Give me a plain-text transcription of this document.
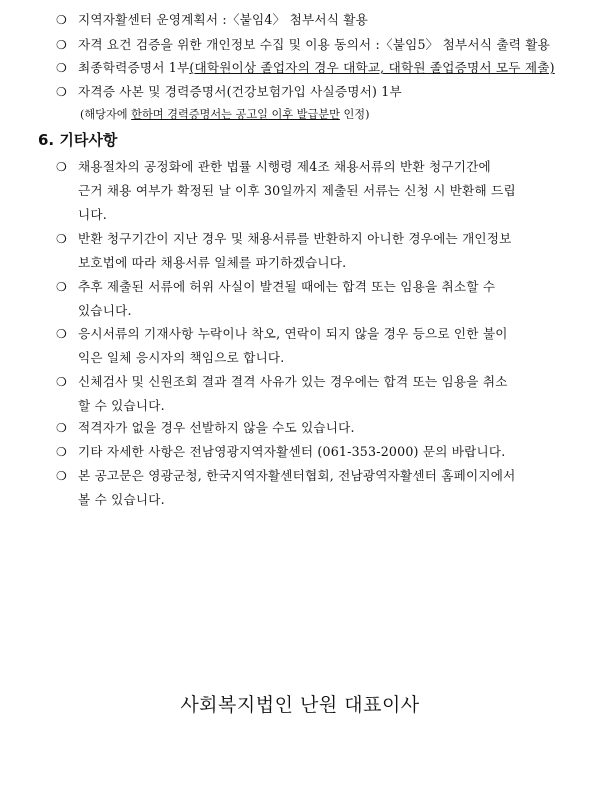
❍ 지역자활센터 운영계획서 :〈붙임4〉 첨부서식 활용
❍ 자격 요건 검증을 위한 개인정보 수집 및 이용 동의서 :〈붙임5〉 첨부서식 출력 활용
❍ 최종학력증명서 1부(대학원이상 졸업자의 경우 대학교, 대학원 졸업증명서 모두 제출)
❍ 자격증 사본 및 경력증명서(건강보험가입 사실증명서) 1부
(해당자에 한하며 경력증명서는 공고일 이후 발급분만 인정)
6. 기타사항
❍ 채용절차의 공정화에 관한 법률 시행령 제4조 채용서류의 반환 청구기간에
근거 채용 여부가 확정된 날 이후 30일까지 제출된 서류는 신청 시 반환해 드립
니다.
❍ 반환 청구기간이 지난 경우 및 채용서류를 반환하지 아니한 경우에는 개인정보
보호법에 따라 채용서류 일체를 파기하겠습니다.
❍ 추후 제출된 서류에 허위 사실이 발견될 때에는 합격 또는 임용을 취소할 수
있습니다.
❍ 응시서류의 기재사항 누락이나 착오, 연락이 되지 않을 경우 등으로 인한 불이
익은 일체 응시자의 책임으로 합니다.
❍ 신체검사 및 신원조회 결과 결격 사유가 있는 경우에는 합격 또는 임용을 취소
할 수 있습니다.
❍ 적격자가 없을 경우 선발하지 않을 수도 있습니다.
❍ 기타 자세한 사항은 전남영광지역자활센터 (061-353-2000) 문의 바랍니다.
❍ 본 공고문은 영광군청, 한국지역자활센터협회, 전남광역자활센터 홈페이지에서
볼 수 있습니다.
사회복지법인 난원 대표이사
